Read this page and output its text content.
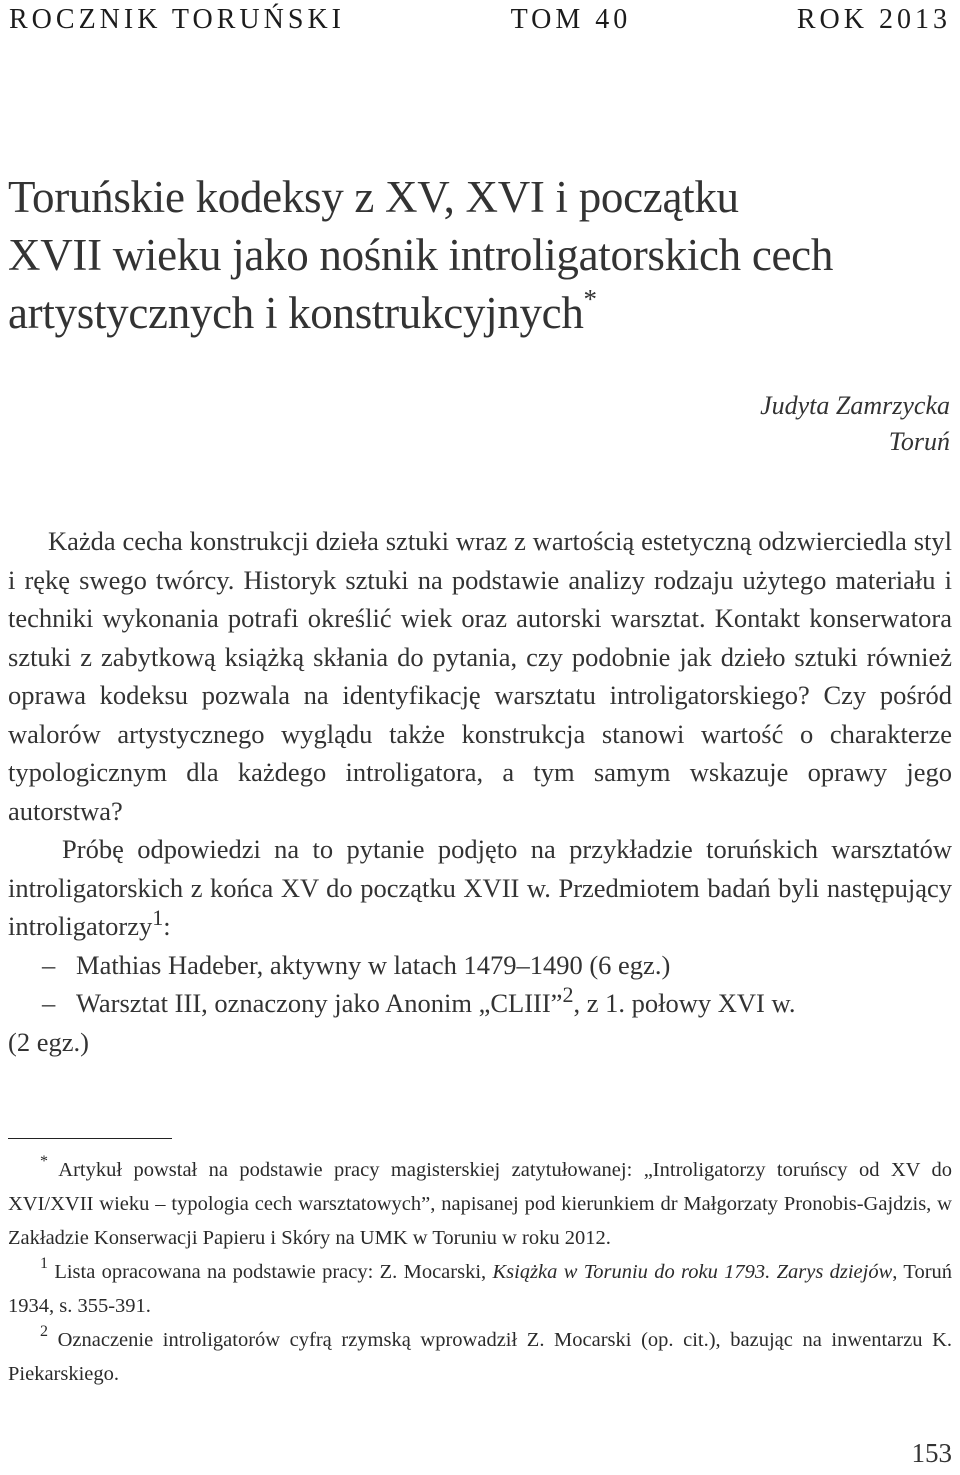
ROCZNIK TORUŃSKI	TOM 40	ROK 2013
Toruńskie kodeksy z XV, XVI i początku
XVII wieku jako nośnik introligatorskich cech
artystycznych i konstrukcyjnych*
Judyta Zamrzycka
Toruń

Każda cecha konstrukcji dzieła sztuki wraz z wartością estetyczną odzwierciedla styl i rękę swego twórcy. Historyk sztuki na podstawie analizy rodzaju użytego materiału i techniki wykonania potrafi określić wiek oraz autorski warsztat. Kontakt konserwatora sztuki z zabytkową książką skłania do pytania, czy podobnie jak dzieło sztuki również oprawa kodeksu pozwala na identyfikację warsztatu introligatorskiego? Czy pośród walorów artystycznego wyglądu także konstrukcja stanowi wartość o charakterze typologicznym dla każdego introligatora, a tym samym wskazuje oprawy jego autorstwa?

Próbę odpowiedzi na to pytanie podjęto na przykładzie toruńskich warsztatów introligatorskich z końca XV do początku XVII w. Przedmiotem badań byli następujący introligatorzy$^1$:

– Mathias Hadeber, aktywny w latach 1479–1490 (6 egz.)

– Warsztat III, oznaczony jako Anonim „CLIII”$^2$, z 1. połowy XVI w.

(2 egz.)

* Artykuł powstał na podstawie pracy magisterskiej zatytułowanej: „Introligatorzy toruńscy od XV do XVI/XVII wieku – typologia cech warsztatowych”, napisanej pod kierunkiem dr Małgorzaty Pronobis-Gajdzis, w Zakładzie Konserwacji Papieru i Skóry na UMK w Toruniu w roku 2012.

$^1$ Lista opracowana na podstawie pracy: Z. Mocarski, Książka w Toruniu do roku 1793. Zarys dziejów, Toruń 1934, s. 355-391.

$^2$ Oznaczenie introligatorów cyfrą rzymską wprowadził Z. Mocarski (op. cit.), bazując na inwentarzu K. Piekarskiego.

153
